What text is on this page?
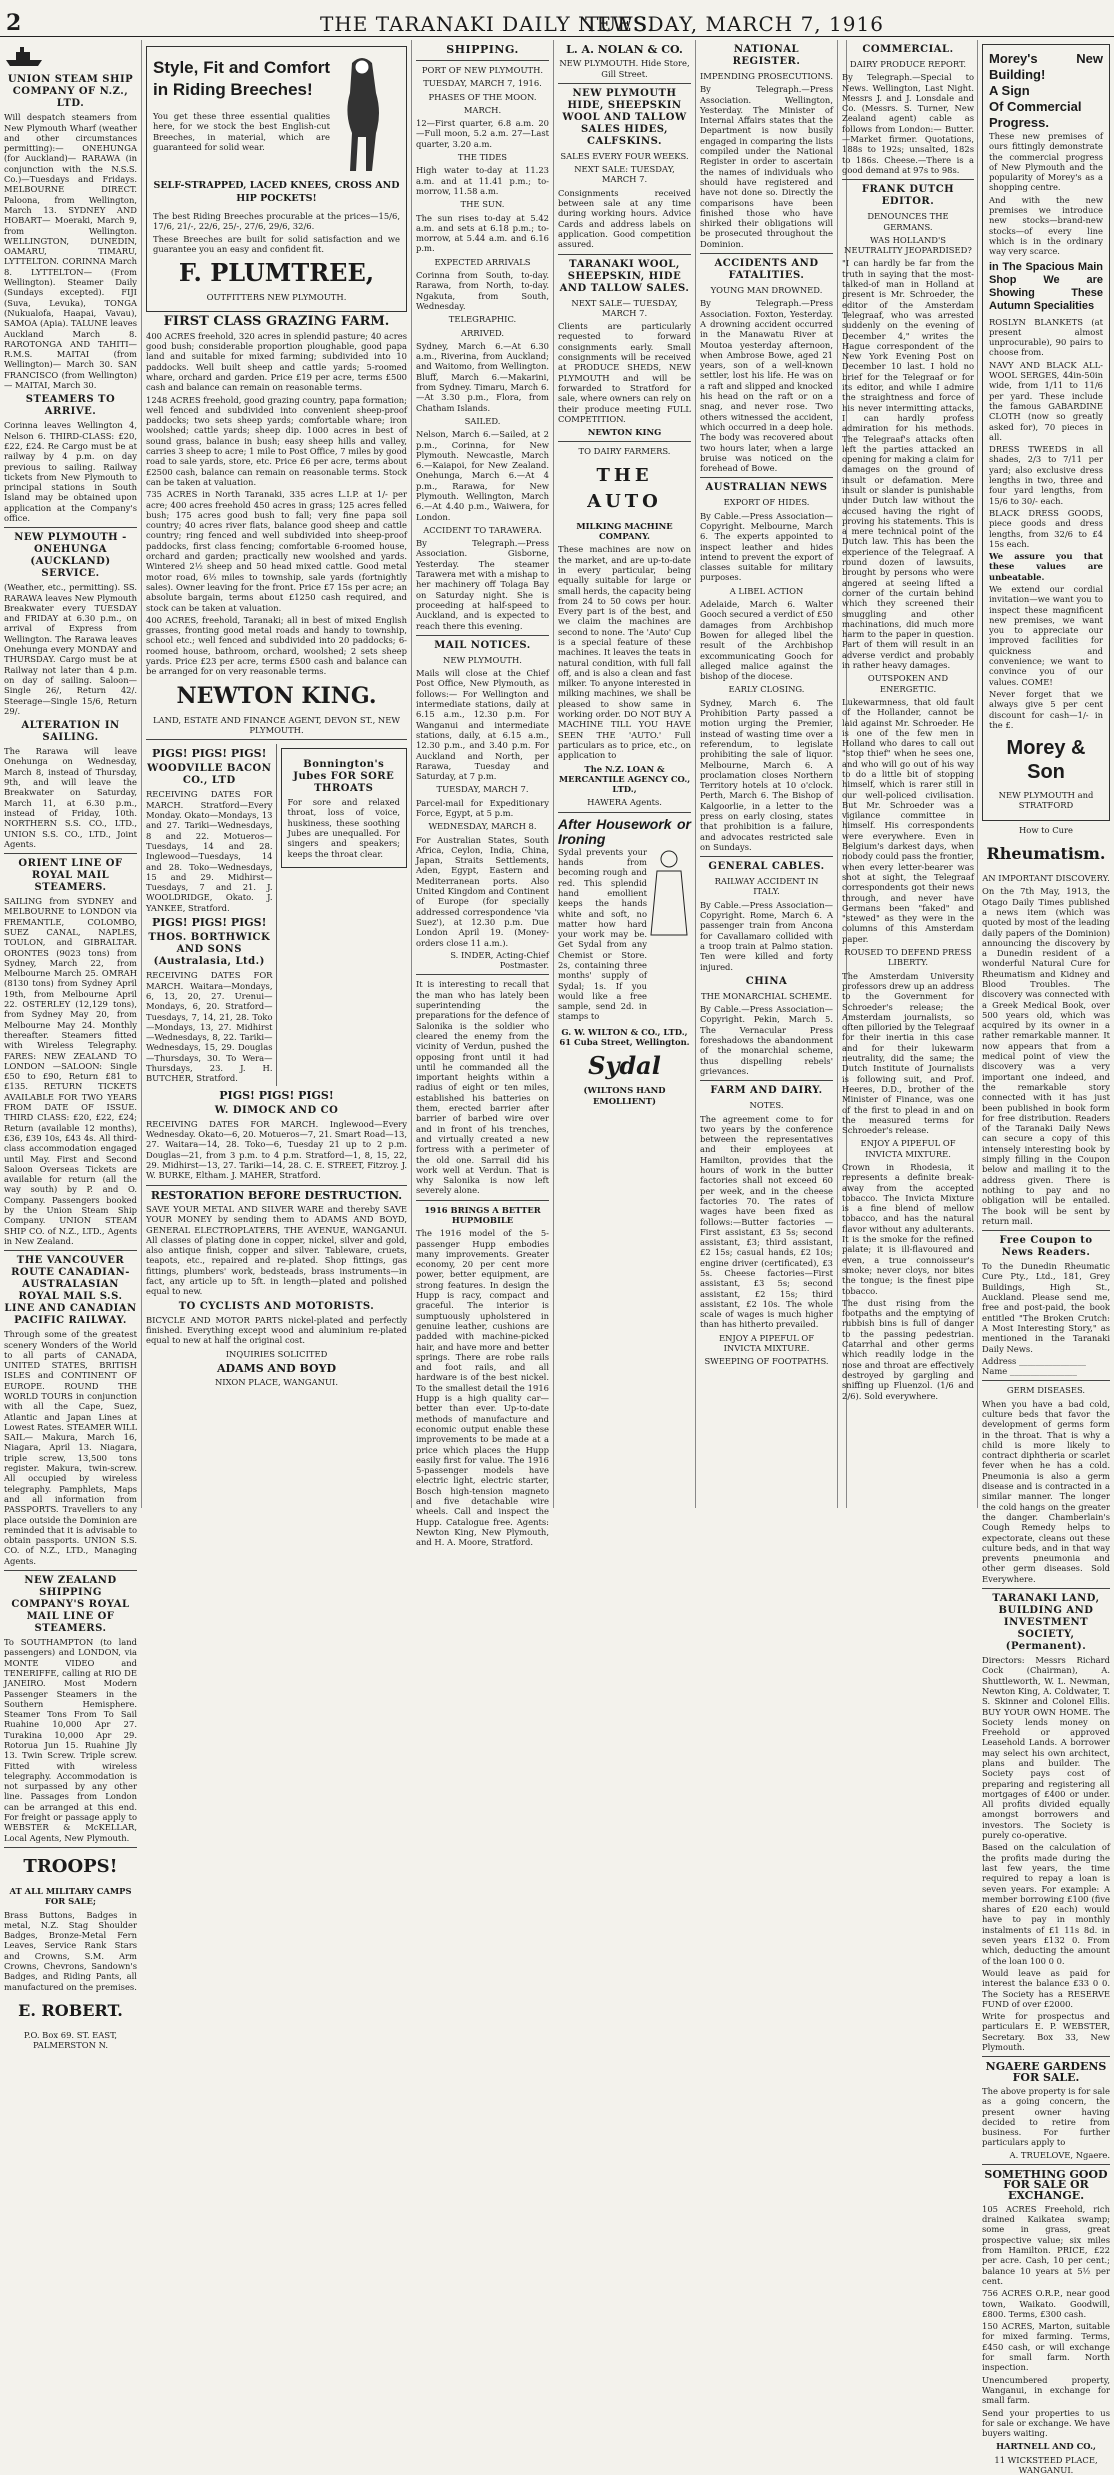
2	THE TARANAKI DAILY NEWS.
TUESDAY, MARCH 7, 1916
UNION STEAM SHIP COMPANY OF N.Z., LTD.

Will despatch steamers from New Plymouth Wharf (weather and other circumstances permitting):— ONEHUNGA (for Auckland)— RARAWA (in conjunction with the N.S.S. Co.)—Tuesdays and Fridays. MELBOURNE DIRECT. Paloona, from Wellington, March 13. SYDNEY AND HOBART— Moeraki, March 9, from Wellington. WELLINGTON, DUNEDIN, OAMARU, TIMARU, LYTTELTON. CORINNA March 8. LYTTELTON— (From Wellington). Steamer Daily (Sundays excepted). FIJI (Suva, Levuka), TONGA (Nukualofa, Haapai, Vavau), SAMOA (Apia). TALUNE leaves Auckland March 8. RAROTONGA AND TAHITI— R.M.S. MAITAI (from Wellington)— March 30. SAN FRANCISCO (from Wellington)— MAITAI, March 30.

STEAMERS TO ARRIVE.

Corinna leaves Wellington 4, Nelson 6. THIRD-CLASS: £20, £22, £24. Re Cargo must be at railway by 4 p.m. on day previous to sailing. Railway tickets from New Plymouth to principal stations in South Island may be obtained upon application at the Company's office.

NEW PLYMOUTH - ONEHUNGA (AUCKLAND) SERVICE.

(Weather, etc., permitting). SS. RARAWA leaves New Plymouth Breakwater every TUESDAY and FRIDAY at 6.30 p.m., on arrival of Express from Wellington. The Rarawa leaves Onehunga every MONDAY and THURSDAY. Cargo must be at Railway not later than 4 p.m. on day of sailing. Saloon—Single 26/, Return 42/. Steerage—Single 15/6, Return 29/.

ALTERATION IN SAILING.

The Rarawa will leave Onehunga on Wednesday, March 8, instead of Thursday, 9th, and will leave the Breakwater on Saturday, March 11, at 6.30 p.m., instead of Friday, 10th. NORTHERN S.S. CO., LTD., UNION S.S. CO., LTD., Joint Agents.

ORIENT LINE OF ROYAL MAIL STEAMERS.

SAILING from SYDNEY and MELBOURNE to LONDON via FREMANTLE, COLOMBO, SUEZ CANAL, NAPLES, TOULON, and GIBRALTAR. ORONTES (9023 tons) from Sydney, March 22, from Melbourne March 25. OMRAH (8130 tons) from Sydney April 19th, from Melbourne April 22. OSTERLEY (12,129 tons), from Sydney May 20, from Melbourne May 24. Monthly thereafter. Steamers fitted with Wireless Telegraphy. FARES: NEW ZEALAND TO LONDON —SALOON: Single £50 to £90, Return £81 to £135. RETURN TICKETS AVAILABLE FOR TWO YEARS FROM DATE OF ISSUE. THIRD CLASS: £20, £22, £24; Return (available 12 months), £36, £39 10s, £43 4s. All third-class accommodation engaged until May. First and Second Saloon Overseas Tickets are available for return (all the way south) by P. and O. Company. Passengers booked by the Union Steam Ship Company. UNION STEAM SHIP CO. of N.Z., LTD., Agents in New Zealand.

THE VANCOUVER ROUTE CANADIAN-AUSTRALASIAN ROYAL MAIL S.S. LINE AND CANADIAN PACIFIC RAILWAY.

Through some of the greatest scenery Wonders of the World to all parts of CANADA, UNITED STATES, BRITISH ISLES and CONTINENT OF EUROPE. ROUND THE WORLD TOURS in conjunction with all the Cape, Suez, Atlantic and Japan Lines at Lowest Rates. STEAMER WILL SAIL— Makura, March 16, Niagara, April 13. Niagara, triple screw, 13,500 tons register. Makura, twin-screw. All occupied by wireless telegraphy. Pamphlets, Maps and all information from PASSPORTS. Travellers to any place outside the Dominion are reminded that it is advisable to obtain passports. UNION S.S. CO. of N.Z., LTD., Managing Agents.

NEW ZEALAND SHIPPING COMPANY'S ROYAL MAIL LINE OF STEAMERS.

To SOUTHAMPTON (to land passengers) and LONDON, via MONTE VIDEO and TENERIFFE, calling at RIO DE JANEIRO. Most Modern Passenger Steamers in the Southern Hemisphere. Steamer Tons From To Sail Ruahine 10,000 Apr 27. Turakina 10,000 Apr 29. Rotorua Jun 15. Ruahine Jly 13. Twin Screw. Triple screw. Fitted with wireless telegraphy. Accommodation is not surpassed by any other line. Passages from London can be arranged at this end. For freight or passage apply to WEBSTER & McKELLAR, Local Agents, New Plymouth.

TROOPS!
AT ALL MILITARY CAMPS FOR SALE;

Brass Buttons, Badges in metal, N.Z. Stag Shoulder Badges, Bronze-Metal Fern Leaves, Service Rank Stars and Crowns, S.M. Arm Crowns, Chevrons, Sandown's Badges, and Riding Pants, all manufactured on the premises.

E. ROBERT.
P.O. Box 69. ST. EAST, PALMERSTON N.
Style, Fit and Comfort in Riding Breeches!

You get these three essential qualities here, for we stock the best English-cut Breeches, in material, which are guaranteed for solid wear.

SELF-STRAPPED, LACED KNEES, CROSS AND HIP POCKETS!

The best Riding Breeches procurable at the prices—15/6, 17/6, 21/-, 22/6, 25/-, 27/6, 29/6, 32/6.

These Breeches are built for solid satisfaction and we guarantee you an easy and confident fit.

F. PLUMTREE,
OUTFITTERS NEW PLYMOUTH.
FIRST CLASS GRAZING FARM.

400 ACRES freehold, 320 acres in splendid pasture; 40 acres good bush; considerable proportion ploughable, good papa land and suitable for mixed farming; subdivided into 10 paddocks. Well built sheep and cattle yards; 5-roomed whare, orchard and garden. Price £19 per acre, terms £500 cash and balance can remain on reasonable terms.

1248 ACRES freehold, good grazing country, papa formation; well fenced and subdivided into convenient sheep-proof paddocks; two sets sheep yards; comfortable whare; iron woolshed; cattle yards; sheep dip. 1000 acres in best of sound grass, balance in bush; easy sheep hills and valley, carries 3 sheep to acre; 1 mile to Post Office, 7 miles by good road to sale yards, store, etc. Price £6 per acre, terms about £2500 cash, balance can remain on reasonable terms. Stock can be taken at valuation.

735 ACRES in North Taranaki, 335 acres L.I.P. at 1/- per acre; 400 acres freehold 450 acres in grass; 125 acres felled bush; 175 acres good bush to fall; very fine papa soil country; 40 acres river flats, balance good sheep and cattle country; ring fenced and well subdivided into sheep-proof paddocks, first class fencing; comfortable 6-roomed house, orchard and garden; practically new woolshed and yards. Wintered 2½ sheep and 50 head mixed cattle. Good metal motor road, 6½ miles to township, sale yards (fortnightly sales). Owner leaving for the front. Price £7 15s per acre; an absolute bargain, terms about £1250 cash required, and stock can be taken at valuation.

400 ACRES, freehold, Taranaki; all in best of mixed English grasses, fronting good metal roads and handy to township, school etc.; well fenced and subdivided into 20 paddocks; 6-roomed house, bathroom, orchard, woolshed; 2 sets sheep yards. Price £23 per acre, terms £500 cash and balance can be arranged for on very reasonable terms.

NEWTON KING.
LAND, ESTATE AND FINANCE AGENT, DEVON ST., NEW PLYMOUTH.
PIGS! PIGS! PIGS!
WOODVILLE BACON CO., LTD

RECEIVING DATES FOR MARCH. Stratford—Every Monday. Okato—Mondays, 13 and 27. Tariki—Wednesdays, 8 and 22. Motueros—Tuesdays, 14 and 28. Inglewood—Tuesdays, 14 and 28. Toko—Wednesdays, 15 and 29. Midhirst—Tuesdays, 7 and 21. J. WOOLDRIDGE, Okato. J. YANKEE, Stratford.

PIGS! PIGS! PIGS!
THOS. BORTHWICK AND SONS (Australasia, Ltd.)

RECEIVING DATES FOR MARCH. Waitara—Mondays, 6, 13, 20, 27. Urenui—Mondays, 6, 20. Stratford—Tuesdays, 7, 14, 21, 28. Toko—Mondays, 13, 27. Midhirst—Wednesdays, 8, 22. Tariki—Wednesdays, 15, 29. Douglas—Thursdays, 30. To Wera—Thursdays, 23. J. H. BUTCHER, Stratford.

Bonnington's Jubes FOR SORE THROATS

For sore and relaxed throat, loss of voice, huskiness, these soothing Jubes are unequalled. For singers and speakers; keeps the throat clear.

PIGS! PIGS! PIGS!
W. DIMOCK AND CO

RECEIVING DATES FOR MARCH. Inglewood—Every Wednesday. Okato—6, 20. Motueros—7, 21. Smart Road—13, 27. Waitara—14, 28. Toko—6, Tuesday 21 up to 2 p.m. Douglas—21, from 3 p.m. to 4 p.m. Stratford—1, 8, 15, 22, 29. Midhirst—13, 27. Tariki—14, 28. C. E. STREET, Fitzroy. J. W. BURKE, Eltham. J. MAHER, Stratford.

RESTORATION BEFORE DESTRUCTION.

SAVE YOUR METAL AND SILVER WARE and thereby SAVE YOUR MONEY by sending them to ADAMS AND BOYD, GENERAL ELECTROPLATERS, THE AVENUE, WANGANUI. All classes of plating done in copper, nickel, silver and gold, also antique finish, copper and silver. Tableware, cruets, teapots, etc., repaired and re-plated. Shop fittings, gas fittings, plumbers' work, bedsteads, brass instruments—in fact, any article up to 5ft. in length—plated and polished equal to new.

TO CYCLISTS AND MOTORISTS.

BICYCLE AND MOTOR PARTS nickel-plated and perfectly finished. Everything except wood and aluminium re-plated equal to new at half the original cost.

INQUIRIES SOLICITED
ADAMS AND BOYD
NIXON PLACE, WANGANUI.
SHIPPING.
PORT OF NEW PLYMOUTH.
TUESDAY, MARCH 7, 1916.
PHASES OF THE MOON.
MARCH.

12—First quarter, 6.8 a.m. 20—Full moon, 5.2 a.m. 27—Last quarter, 3.20 a.m.

THE TIDES

High water to-day at 11.23 a.m. and at 11.41 p.m.; to-morrow, 11.58 a.m.

THE SUN.

The sun rises to-day at 5.42 a.m. and sets at 6.18 p.m.; to-morrow, at 5.44 a.m. and 6.16 p.m.

EXPECTED ARRIVALS

Corinna from South, to-day. Rarawa, from North, to-day. Ngakuta, from South, Wednesday.

TELEGRAPHIC.
ARRIVED.

Sydney, March 6.—At 6.30 a.m., Riverina, from Auckland; and Waitomo, from Wellington. Bluff, March 6.—Makarini, from Sydney. Timaru, March 6.—At 3.30 p.m., Flora, from Chatham Islands.

SAILED.

Nelson, March 6.—Sailed, at 2 p.m., Corinna, for New Plymouth. Newcastle, March 6.—Kaiapoi, for New Zealand. Onehunga, March 6.—At 4 p.m., Rarawa, for New Plymouth. Wellington, March 6.—At 4.40 p.m., Waiwera, for London.

ACCIDENT TO TARAWERA.

By Telegraph.—Press Association. Gisborne, Yesterday. The steamer Tarawera met with a mishap to her machinery off Tolaga Bay on Saturday night. She is proceeding at half-speed to Auckland, and is expected to reach there this evening.

MAIL NOTICES.
NEW PLYMOUTH.

Mails will close at the Chief Post Office, New Plymouth, as follows:— For Wellington and intermediate stations, daily at 6.15 a.m., 12.30 p.m. For Wanganui and intermediate stations, daily, at 6.15 a.m., 12.30 p.m., and 3.40 p.m. For Auckland and North, per Rarawa, Tuesday and Saturday, at 7 p.m.

TUESDAY, MARCH 7.

Parcel-mail for Expeditionary Force, Egypt, at 5 p.m.

WEDNESDAY, MARCH 8.

For Australian States, South Africa, Ceylon, India, China, Japan, Straits Settlements, Aden, Egypt, Eastern and Mediterranean ports. Also United Kingdom and Continent of Europe (for specially addressed correspondence 'via Suez'), at 12.30 p.m. Due London April 19. (Money-orders close 11 a.m.).

S. INDER, Acting-Chief Postmaster.

It is interesting to recall that the man who has lately been superintending the preparations for the defence of Salonika is the soldier who cleared the enemy from the vicinity of Verdun, pushed the opposing front until it had until he commanded all the important heights within a radius of eight or ten miles, established his batteries on them, erected barrier after barrier of barbed wire over and in front of his trenches, and virtually created a new fortress with a perimeter of the old one. Sarrail did his work well at Verdun. That is why Salonika is now left severely alone.

1916 BRINGS A BETTER HUPMOBILE

The 1916 model of the 5-passenger Hupp embodies many improvements. Greater economy, 20 per cent more power, better equipment, are strong features. In design the Hupp is racy, compact and graceful. The interior is sumptuously upholstered in genuine leather, cushions are padded with machine-picked hair, and have more and better springs. There are robe rails and foot rails, and all hardware is of the best nickel. To the smallest detail the 1916 Hupp is a high quality car—better than ever. Up-to-date methods of manufacture and economic output enable these improvements to be made at a price which places the Hupp easily first for value. The 1916 5-passenger models have electric light, electric starter, Bosch high-tension magneto and five detachable wire wheels. Call and inspect the Hupp. Catalogue free. Agents: Newton King, New Plymouth, and H. A. Moore, Stratford.

L. A. NOLAN & CO.
NEW PLYMOUTH. Hide Store, Gill Street.
NEW PLYMOUTH HIDE, SHEEPSKIN WOOL AND TALLOW SALES HIDES, CALFSKINS.
SALES EVERY FOUR WEEKS.
NEXT SALE: TUESDAY, MARCH 7.

Consignments received between sale at any time during working hours. Advice Cards and address labels on application. Good competition assured.

TARANAKI WOOL, SHEEPSKIN, HIDE AND TALLOW SALES.
NEXT SALE— TUESDAY, MARCH 7.

Clients are particularly requested to forward consignments early. Small consignments will be received at PRODUCE SHEDS, NEW PLYMOUTH and will be forwarded to Stratford for sale, where owners can rely on their produce meeting FULL COMPETITION.

NEWTON KING
TO DAIRY FARMERS.
THE AUTO
MILKING MACHINE COMPANY.

These machines are now on the market, and are up-to-date in every particular, being equally suitable for large or small herds, the capacity being from 24 to 50 cows per hour. Every part is of the best, and we claim the machines are second to none. The 'Auto' Cup is a special feature of these machines. It leaves the teats in natural condition, with full fall off, and is also a clean and fast milker. To anyone interested in milking machines, we shall be pleased to show same in working order. DO NOT BUY A MACHINE TILL YOU HAVE SEEN THE 'AUTO.' Full particulars as to price, etc., on application to

The N.Z. LOAN & MERCANTILE AGENCY CO., LTD.,
HAWERA Agents.
After Housework or Ironing

Sydal prevents your hands from becoming rough and red. This splendid hand emollient keeps the hands white and soft, no matter how hard your work may be. Get Sydal from any Chemist or Store. 2s, containing three months' supply of Sydal; 1s. If you would like a free sample, send 2d. in stamps to

G. W. WILTON & CO., LTD., 61 Cuba Street, Wellington.
Sydal
(WILTONS HAND EMOLLIENT)
NATIONAL REGISTER.
IMPENDING PROSECUTIONS.

By Telegraph.—Press Association. Wellington, Yesterday. The Minister of Internal Affairs states that the Department is now busily engaged in comparing the lists compiled under the National Register in order to ascertain the names of individuals who should have registered and have not done so. Directly the comparisons have been finished those who have shirked their obligations will be prosecuted throughout the Dominion.

ACCIDENTS AND FATALITIES.
YOUNG MAN DROWNED.

By Telegraph.—Press Association. Foxton, Yesterday. A drowning accident occurred in the Manawatu River at Moutoa yesterday afternoon, when Ambrose Bowe, aged 21 years, son of a well-known settler, lost his life. He was on a raft and slipped and knocked his head on the raft or on a snag, and never rose. Two others witnessed the accident, which occurred in a deep hole. The body was recovered about two hours later, when a large bruise was noticed on the forehead of Bowe.

AUSTRALIAN NEWS
EXPORT OF HIDES.

By Cable.—Press Association—Copyright. Melbourne, March 6. The experts appointed to inspect leather and hides intend to prevent the export of classes suitable for military purposes.

A LIBEL ACTION

Adelaide, March 6. Walter Gooch secured a verdict of £50 damages from Archbishop Bowen for alleged libel the result of the Archbishop excommunicating Gooch for alleged malice against the bishop of the diocese.

EARLY CLOSING.

Sydney, March 6. The Prohibition Party passed a motion urging the Premier, instead of wasting time over a referendum, to legislate prohibiting the sale of liquor. Melbourne, March 6. A proclamation closes Northern Territory hotels at 10 o'clock. Perth, March 6. The Bishop of Kalgoorlie, in a letter to the press on early closing, states that prohibition is a failure, and advocates restricted sale on Sundays.

GENERAL CABLES.
RAILWAY ACCIDENT IN ITALY.

By Cable.—Press Association—Copyright. Rome, March 6. A passenger train from Ancona for Cavallamaro collided with a troop train at Palmo station. Ten were killed and forty injured.

CHINA
THE MONARCHIAL SCHEME.

By Cable.—Press Association—Copyright. Pekin, March 5. The Vernacular Press foreshadows the abandonment of the monarchial scheme, thus dispelling rebels' grievances.

FARM AND DAIRY.
NOTES.

The agreement come to for two years by the conference between the representatives and their employees at Hamilton, provides that the hours of work in the butter factories shall not exceed 60 per week, and in the cheese factories 70. The rates of wages have been fixed as follows:—Butter factories —First assistant, £3 5s; second assistant, £3; third assistant, £2 15s; casual hands, £2 10s; engine driver (certificated), £3 5s. Cheese factories—First assistant, £3 5s; second assistant, £2 15s; third assistant, £2 10s. The whole scale of wages is much higher than has hitherto prevailed.

ENJOY A PIPEFUL OF INVICTA MIXTURE.
SWEEPING OF FOOTPATHS.
COMMERCIAL.
DAIRY PRODUCE REPORT.

By Telegraph.—Special to News. Wellington, Last Night. Messrs J. and J. Lonsdale and Co. (Messrs. S. Turner, New Zealand agent) cable as follows from London:— Butter.—Market firmer. Quotations, 188s to 192s; unsalted, 182s to 186s. Cheese.—There is a good demand at 97s to 98s.

FRANK DUTCH EDITOR.
DENOUNCES THE GERMANS.
WAS HOLLAND'S NEUTRALITY JEOPARDISED?

"I can hardly be far from the truth in saying that the most-talked-of man in Holland at present is Mr. Schroeder, the editor of the Amsterdam Telegraaf, who was arrested suddenly on the evening of December 4," writes the Hague correspondent of the New York Evening Post on December 10 last. I hold no brief for the Telegraaf or for its editor, and while I admire the straightness and force of his never intermitting attacks, I can hardly profess admiration for his methods. The Telegraaf's attacks often left the parties attacked an opening for making a claim for damages on the ground of insult or defamation. Mere insult or slander is punishable under Dutch law without the accused having the right of proving his statements. This is a mere technical point of the Dutch law. This has been the experience of the Telegraaf. A round dozen of lawsuits, brought by persons who were angered at seeing lifted a corner of the curtain behind which they screened their smuggling and other machinations, did much more harm to the paper in question. Part of them will result in an adverse verdict and probably in rather heavy damages.

OUTSPOKEN AND ENERGETIC.

Lukewarmness, that old fault of the Hollander, cannot be laid against Mr. Schroeder. He is one of the few men in Holland who dares to call out "stop thief" when he sees one, and who will go out of his way to do a little bit of stopping himself, which is rarer still in our well-policed civilisation. But Mr. Schroeder was a vigilance committee in himself. His correspondents were everywhere. Even in Belgium's darkest days, when nobody could pass the frontier, when every letter-bearer was shot at sight, the Telegraaf correspondents got their news through, and never have Germans been "faked" and "stewed" as they were in the columns of this Amsterdam paper.

ROUSED TO DEFEND PRESS LIBERTY.

The Amsterdam University professors drew up an address to the Government for Schroeder's release; the Amsterdam journalists, so often pilloried by the Telegraaf for their inertia in this case and for their lukewarm neutrality, did the same; the Dutch Institute of Journalists is following suit, and Prof. Heeres, D.D., brother of the Minister of Finance, was one of the first to plead in and on the measured terms for Schroeder's release.

ENJOY A PIPEFUL OF INVICTA MIXTURE.

Crown in Rhodesia, it represents a definite break-away from the accepted tobacco. The Invicta Mixture is a fine blend of mellow tobacco, and has the natural flavor without any adulterants. It is the smoke for the refined palate; it is ill-flavoured and even, a true connoisseur's smoke; never cloys, nor bites the tongue; is the finest pipe tobacco.

The dust rising from the footpaths and the emptying of rubbish bins is full of danger to the passing pedestrian. Catarrhal and other germs which readily lodge in the nose and throat are effectively destroyed by gargling and sniffing up Fluenzol. (1/6 and 2/6). Sold everywhere.

Morey's New Building!
A Sign
Of Commercial
Progress.

These new premises of ours fittingly demonstrate the commercial progress of New Plymouth and the popularity of Morey's as a shopping centre.

And with the new premises we introduce new stocks—brand-new stocks—of every line which is in the ordinary way very scarce.

in The Spacious Main Shop We are Showing These Autumn Specialities

ROSLYN BLANKETS (at present almost unprocurable), 90 pairs to choose from.

NAVY AND BLACK ALL-WOOL SERGES, 44in-50in wide, from 1/11 to 11/6 per yard. These include the famous GABARDINE CLOTH (now so greatly asked for), 70 pieces in all.

DRESS TWEEDS in all shades, 2/3 to 7/11 per yard; also exclusive dress lengths in two, three and four yard lengths, from 15/6 to 30/- each.

BLACK DRESS GOODS, piece goods and dress lengths, from 32/6 to £4 15s each.

We assure you that these values are unbeatable.

We extend our cordial invitation—we want you to inspect these magnificent new premises, we want you to appreciate our improved facilities for quickness and convenience; we want to convince you of our values. COME!

Never forget that we always give 5 per cent discount for cash—1/- in the £.

Morey & Son
NEW PLYMOUTH and STRATFORD
How to Cure
Rheumatism.
AN IMPORTANT DISCOVERY.

On the 7th May, 1913, the Otago Daily Times published a news item (which was quoted by most of the leading daily papers of the Dominion) announcing the discovery by a Dunedin resident of a wonderful Natural Cure for Rheumatism and Kidney and Blood Troubles. The discovery was connected with a Greek Medical Book, over 500 years old, which was acquired by its owner in a rather remarkable manner. It now appears that from a medical point of view the discovery was a very important one indeed, and the remarkable story connected with it has just been published in book form for free distribution. Readers of the Taranaki Daily News can secure a copy of this intensely interesting book by simply filling in the Coupon below and mailing it to the address given. There is nothing to pay and no obligation will be entailed. The book will be sent by return mail.

Free Coupon to News Readers.

To the Dunedin Rheumatic Cure Pty., Ltd., 181, Grey Buildings, High St., Auckland. Please send me, free and post-paid, the book entitled "The Broken Crutch: A Most Interesting Story," as mentioned in the Taranaki Daily News.

Address ________________
Name ________________
GERM DISEASES.

When you have a bad cold, culture beds that favor the development of germs form in the throat. That is why a child is more likely to contract diphtheria or scarlet fever when he has a cold. Pneumonia is also a germ disease and is contracted in a similar manner. The longer the cold hangs on the greater the danger. Chamberlain's Cough Remedy helps to expectorate, cleans out these culture beds, and in that way prevents pneumonia and other germ diseases. Sold Everywhere.

TARANAKI LAND, BUILDING AND INVESTMENT SOCIETY, (Permanent).

Directors: Messrs Richard Cock (Chairman), A. Shuttleworth, W. L. Newman, Newton King, A. Coldwater, T. S. Skinner and Colonel Ellis. BUY YOUR OWN HOME. The Society lends money on Freehold or approved Leasehold Lands. A borrower may select his own architect, plans and builder. The Society pays cost of preparing and registering all mortgages of £400 or under. All profits divided equally amongst borrowers and investors. The Society is purely co-operative.

Based on the calculation of the profits made during the last few years, the time required to repay a loan is seven years. For example: A member borrowing £100 (five shares of £20 each) would have to pay in monthly instalments of £1 11s 8d. in seven years £132 0. From which, deducting the amount of the loan 100 0 0.

Would leave as paid for interest the balance £33 0 0. The Society has a RESERVE FUND of over £2000.

Write for prospectus and particulars E. P. WEBSTER, Secretary. Box 33, New Plymouth.

NGAERE GARDENS FOR SALE.

The above property is for sale as a going concern, the present owner having decided to retire from business. For further particulars apply to

A. TRUELOVE, Ngaere.
SOMETHING GOOD FOR SALE OR EXCHANGE.

105 ACRES Freehold, rich drained Kaikatea swamp; some in grass, great prospective value; six miles from Hamilton. PRICE, £22 per acre. Cash, 10 per cent.; balance 10 years at 5½ per cent.

756 ACRES O.R.P., near good town, Waikato. Goodwill, £800. Terms, £300 cash.

150 ACRES, Marton, suitable for mixed farming. Terms, £450 cash, or will exchange for small farm. North inspection.

Unencumbered property, Wanganui, in exchange for small farm.

Send your properties to us for sale or exchange. We have buyers waiting.

HARTNELL AND CO.,
11 WICKSTEED PLACE, WANGANUI.
